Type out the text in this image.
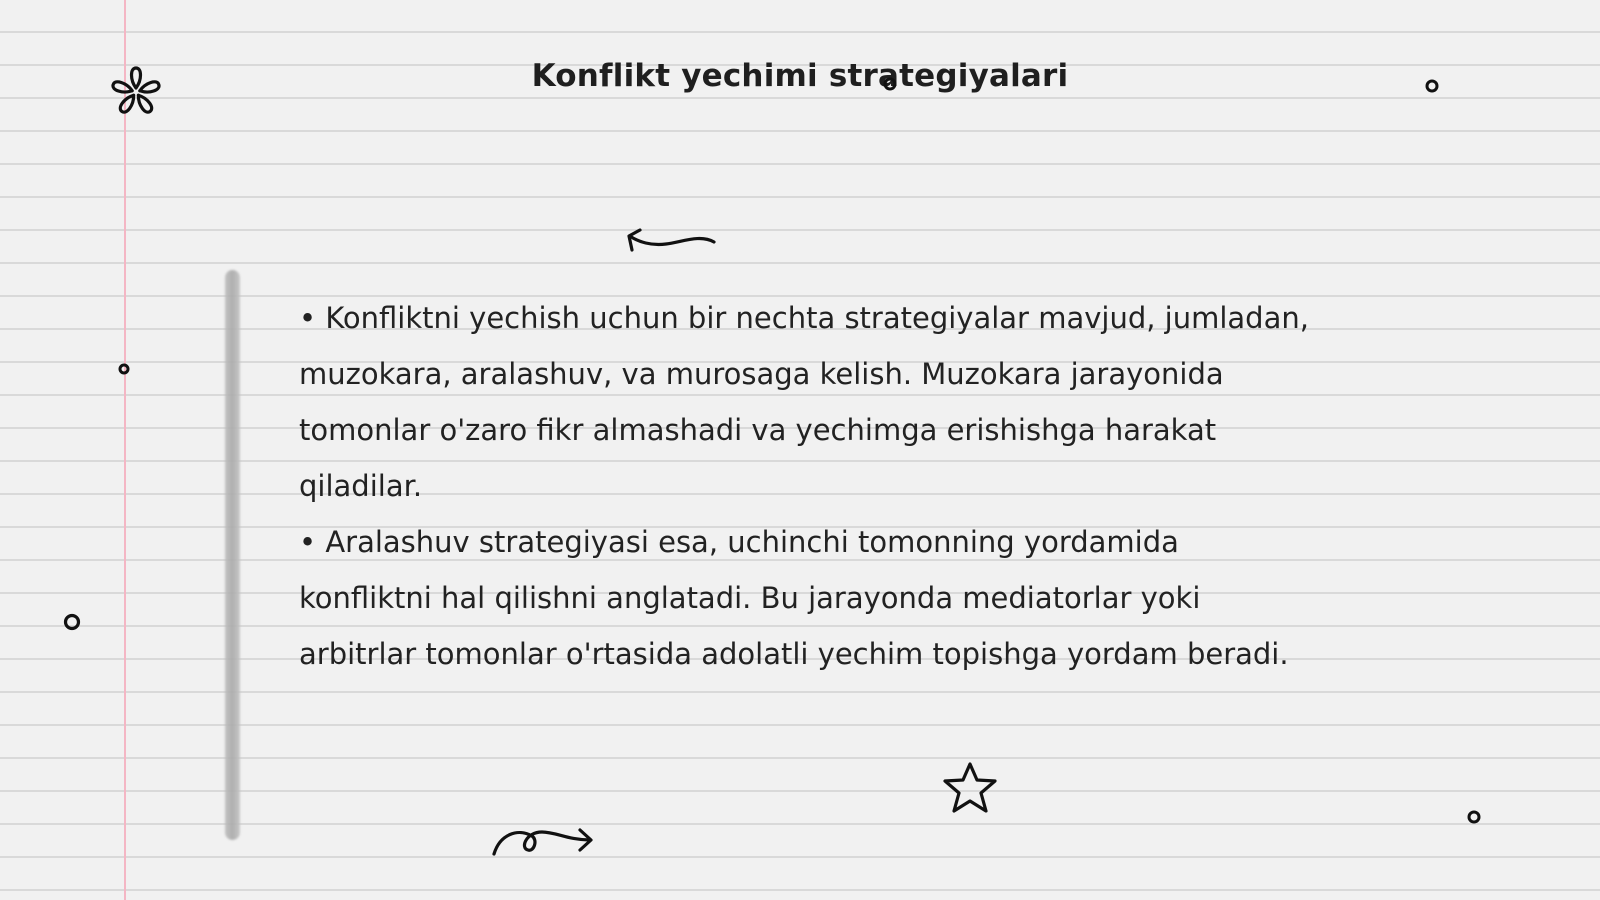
Konflikt yechimi strategiyalari

• Konfliktni yechish uchun bir nechta strategiyalar mavjud, jumladan, muzokara, aralashuv, va murosaga kelish. Muzokara jarayonida tomonlar o'zaro fikr almashadi va yechimga erishishga harakat qiladilar.

• Aralashuv strategiyasi esa, uchinchi tomonning yordamida konfliktni hal qilishni anglatadi. Bu jarayonda mediatorlar yoki arbitrlar tomonlar o'rtasida adolatli yechim topishga yordam beradi.
